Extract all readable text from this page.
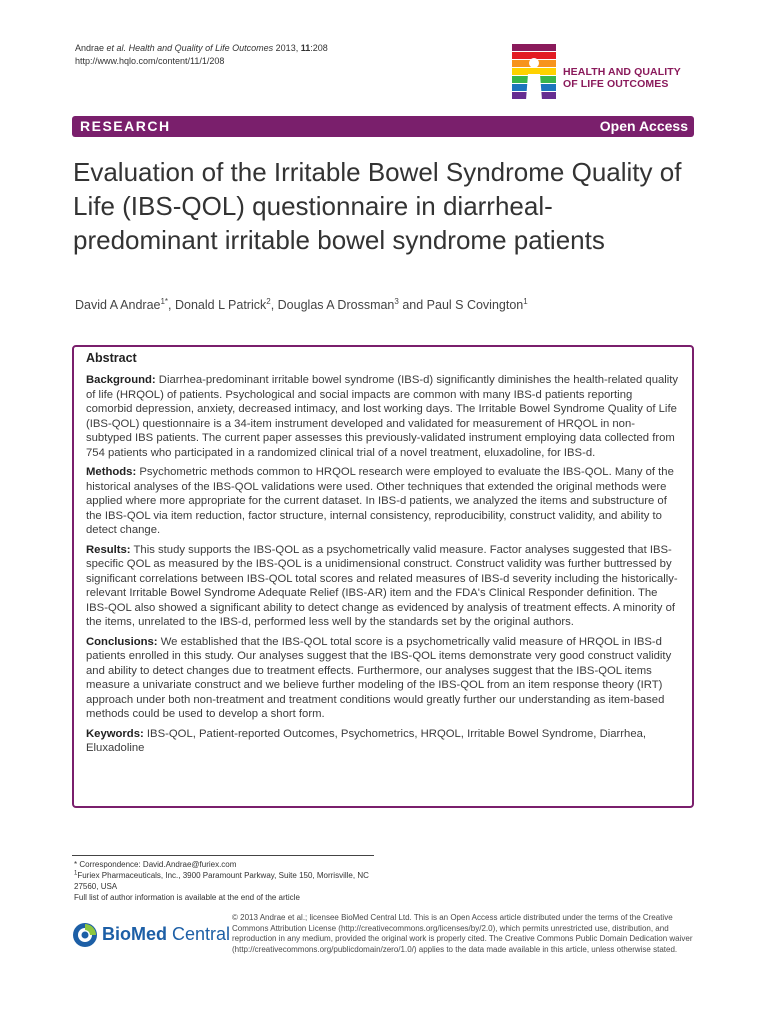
Andrae et al. Health and Quality of Life Outcomes 2013, 11:208
http://www.hqlo.com/content/11/1/208
HEALTH AND QUALITY
OF LIFE OUTCOMES
RESEARCH	Open Access
Evaluation of the Irritable Bowel Syndrome Quality of Life (IBS-QOL) questionnaire in diarrheal-predominant irritable bowel syndrome patients
David A Andrae$^{1*}$, Donald L Patrick$^2$, Douglas A Drossman$^3$ and Paul S Covington$^1$

Abstract

Background: Diarrhea-predominant irritable bowel syndrome (IBS-d) significantly diminishes the health-related quality of life (HRQOL) of patients. Psychological and social impacts are common with many IBS-d patients reporting comorbid depression, anxiety, decreased intimacy, and lost working days. The Irritable Bowel Syndrome Quality of Life (IBS-QOL) questionnaire is a 34-item instrument developed and validated for measurement of HRQOL in non-subtyped IBS patients. The current paper assesses this previously-validated instrument employing data collected from 754 patients who participated in a randomized clinical trial of a novel treatment, eluxadoline, for IBS-d.

Methods: Psychometric methods common to HRQOL research were employed to evaluate the IBS-QOL. Many of the historical analyses of the IBS-QOL validations were used. Other techniques that extended the original methods were applied where more appropriate for the current dataset. In IBS-d patients, we analyzed the items and substructure of the IBS-QOL via item reduction, factor structure, internal consistency, reproducibility, construct validity, and ability to detect change.

Results: This study supports the IBS-QOL as a psychometrically valid measure. Factor analyses suggested that IBS-specific QOL as measured by the IBS-QOL is a unidimensional construct. Construct validity was further buttressed by significant correlations between IBS-QOL total scores and related measures of IBS-d severity including the historically-relevant Irritable Bowel Syndrome Adequate Relief (IBS-AR) item and the FDA's Clinical Responder definition. The IBS-QOL also showed a significant ability to detect change as evidenced by analysis of treatment effects. A minority of the items, unrelated to the IBS-d, performed less well by the standards set by the original authors.

Conclusions: We established that the IBS-QOL total score is a psychometrically valid measure of HRQOL in IBS-d patients enrolled in this study. Our analyses suggest that the IBS-QOL items demonstrate very good construct validity and ability to detect changes due to treatment effects. Furthermore, our analyses suggest that the IBS-QOL items measure a univariate construct and we believe further modeling of the IBS-QOL from an item response theory (IRT) approach under both non-treatment and treatment conditions would greatly further our understanding as item-based methods could be used to develop a short form.

Keywords: IBS-QOL, Patient-reported Outcomes, Psychometrics, HRQOL, Irritable Bowel Syndrome, Diarrhea, Eluxadoline

* Correspondence: David.Andrae@furiex.com

$^1$Furiex Pharmaceuticals, Inc., 3900 Paramount Parkway, Suite 150, Morrisville, NC 27560, USA

Full list of author information is available at the end of the article

BioMed Central
© 2013 Andrae et al.; licensee BioMed Central Ltd. This is an Open Access article distributed under the terms of the Creative Commons Attribution License (http://creativecommons.org/licenses/by/2.0), which permits unrestricted use, distribution, and reproduction in any medium, provided the original work is properly cited. The Creative Commons Public Domain Dedication waiver (http://creativecommons.org/publicdomain/zero/1.0/) applies to the data made available in this article, unless otherwise stated.
